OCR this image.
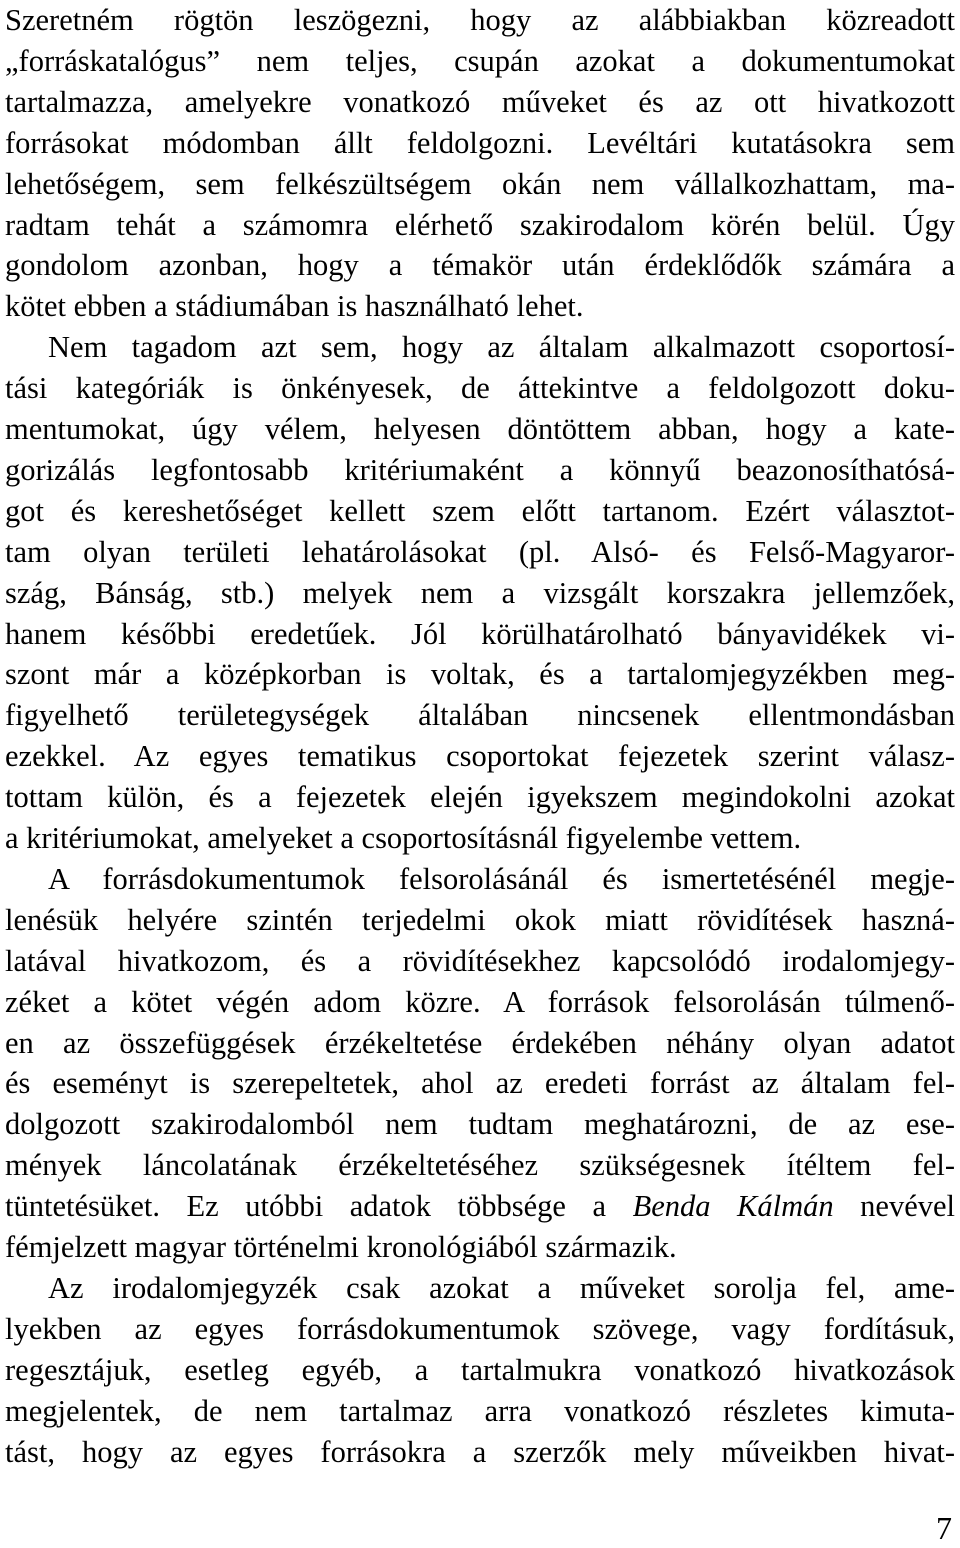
Szeretném rögtön leszögezni, hogy az alábbiakban közreadott
„forráskatalógus” nem teljes, csupán azokat a dokumentumokat
tartalmazza, amelyekre vonatkozó műveket és az ott hivatkozott
forrásokat módomban állt feldolgozni. Levéltári kutatásokra sem
lehetőségem, sem felkészültségem okán nem vállalkozhattam, ma-
radtam tehát a számomra elérhető szakirodalom körén belül. Úgy
gondolom azonban, hogy a témakör után érdeklődők számára a
kötet ebben a stádiumában is használható lehet.
Nem tagadom azt sem, hogy az általam alkalmazott csoportosí-
tási kategóriák is önkényesek, de áttekintve a feldolgozott doku-
mentumokat, úgy vélem, helyesen döntöttem abban, hogy a kate-
gorizálás legfontosabb kritériumaként a könnyű beazonosíthatósá-
got és kereshetőséget kellett szem előtt tartanom. Ezért választot-
tam olyan területi lehatárolásokat (pl. Alsó- és Felső-Magyaror-
szág, Bánság, stb.) melyek nem a vizsgált korszakra jellemzőek,
hanem későbbi eredetűek. Jól körülhatárolható bányavidékek vi-
szont már a középkorban is voltak, és a tartalomjegyzékben meg-
figyelhető területegységek általában nincsenek ellentmondásban
ezekkel. Az egyes tematikus csoportokat fejezetek szerint válasz-
tottam külön, és a fejezetek elején igyekszem megindokolni azokat
a kritériumokat, amelyeket a csoportosításnál figyelembe vettem.
A forrásdokumentumok felsorolásánál és ismertetésénél megje-
lenésük helyére szintén terjedelmi okok miatt rövidítések haszná-
latával hivatkozom, és a rövidítésekhez kapcsolódó irodalomjegy-
zéket a kötet végén adom közre. A források felsorolásán túlmenő-
en az összefüggések érzékeltetése érdekében néhány olyan adatot
és eseményt is szerepeltetek, ahol az eredeti forrást az általam fel-
dolgozott szakirodalomból nem tudtam meghatározni, de az ese-
mények láncolatának érzékeltetéséhez szükségesnek ítéltem fel-
tüntetésüket. Ez utóbbi adatok többsége a Benda Kálmán nevével
fémjelzett magyar történelmi kronológiából származik.
Az irodalomjegyzék csak azokat a műveket sorolja fel, ame-
lyekben az egyes forrásdokumentumok szövege, vagy fordításuk,
regesztájuk, esetleg egyéb, a tartalmukra vonatkozó hivatkozások
megjelentek, de nem tartalmaz arra vonatkozó részletes kimuta-
tást, hogy az egyes forrásokra a szerzők mely műveikben hivat-
7
